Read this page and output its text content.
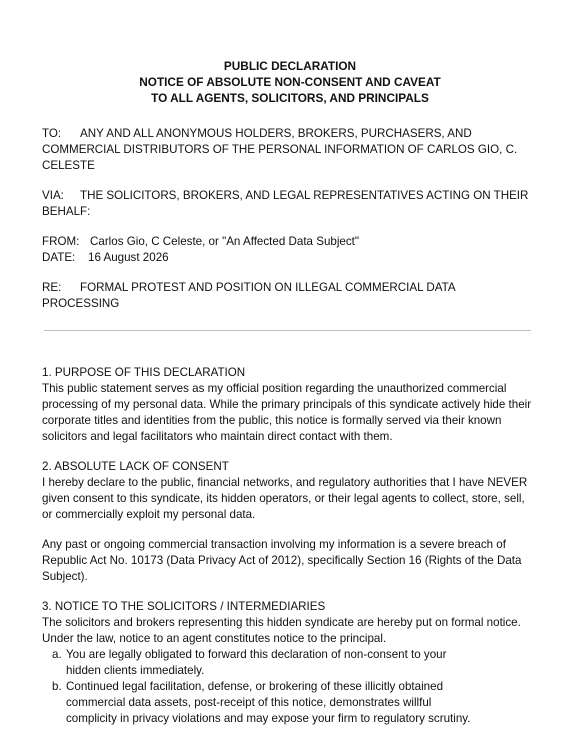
PUBLIC DECLARATION
NOTICE OF ABSOLUTE NON-CONSENT AND CAVEAT
TO ALL AGENTS, SOLICITORS, AND PRINCIPALS
TO: ANY AND ALL ANONYMOUS HOLDERS, BROKERS, PURCHASERS, AND
COMMERCIAL DISTRIBUTORS OF THE PERSONAL INFORMATION OF CARLOS GIO, C.
CELESTE
VIA: THE SOLICITORS, BROKERS, AND LEGAL REPRESENTATIVES ACTING ON THEIR
BEHALF:
FROM: Carlos Gio, C Celeste, or "An Affected Data Subject"
DATE: 16 August 2026
RE: FORMAL PROTEST AND POSITION ON ILLEGAL COMMERCIAL DATA
PROCESSING
1. PURPOSE OF THIS DECLARATION
This public statement serves as my official position regarding the unauthorized commercial
processing of my personal data. While the primary principals of this syndicate actively hide their
corporate titles and identities from the public, this notice is formally served via their known
solicitors and legal facilitators who maintain direct contact with them.
2. ABSOLUTE LACK OF CONSENT
I hereby declare to the public, financial networks, and regulatory authorities that I have NEVER
given consent to this syndicate, its hidden operators, or their legal agents to collect, store, sell,
or commercially exploit my personal data.
Any past or ongoing commercial transaction involving my information is a severe breach of
Republic Act No. 10173 (Data Privacy Act of 2012), specifically Section 16 (Rights of the Data
Subject).
3. NOTICE TO THE SOLICITORS / INTERMEDIARIES
The solicitors and brokers representing this hidden syndicate are hereby put on formal notice.
Under the law, notice to an agent constitutes notice to the principal.
a. You are legally obligated to forward this declaration of non-consent to your
hidden clients immediately.
b. Continued legal facilitation, defense, or brokering of these illicitly obtained
commercial data assets, post-receipt of this notice, demonstrates willful
complicity in privacy violations and may expose your firm to regulatory scrutiny.
